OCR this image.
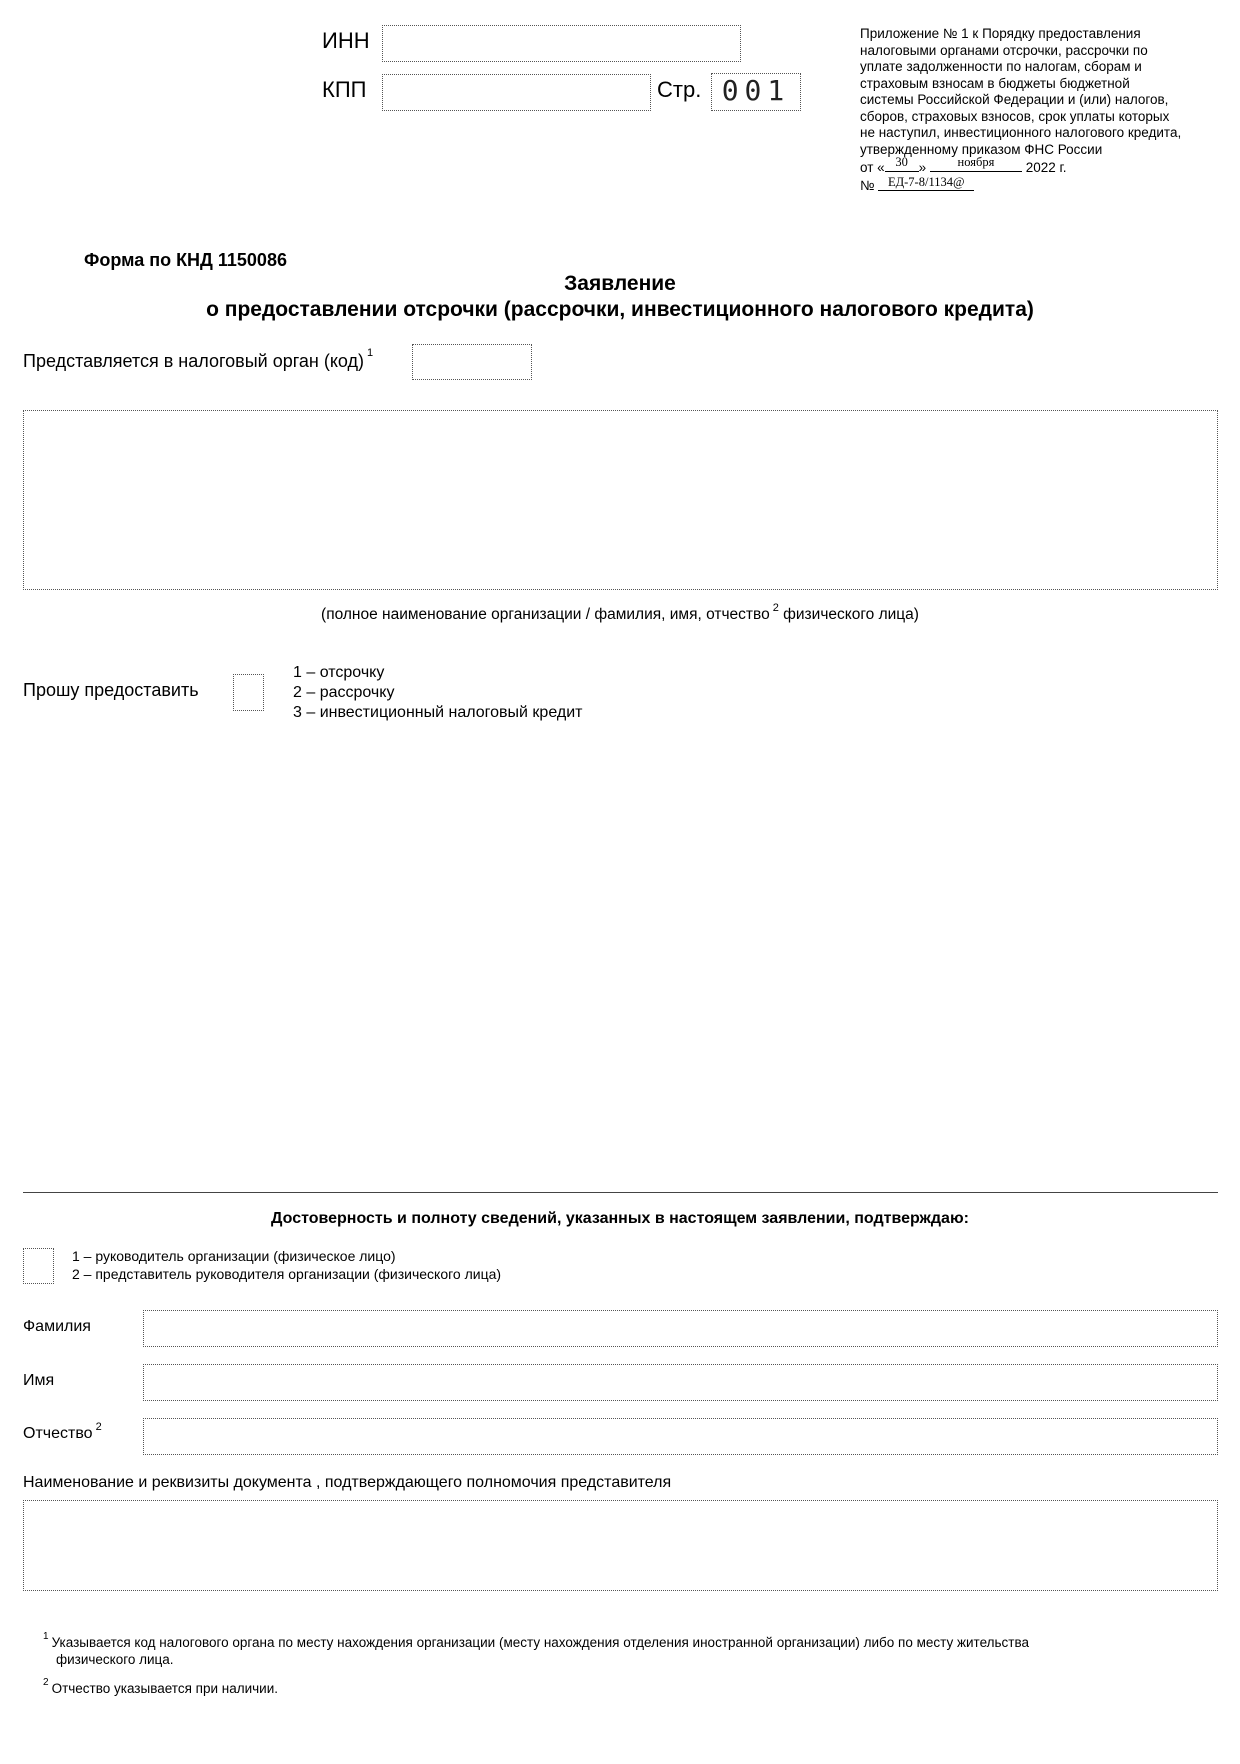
ИНН
КПП	Стр. 001
Приложение № 1 к Порядку предоставления
налоговыми органами отсрочки, рассрочки по
уплате задолженности по налогам, сборам и
страховым взносам в бюджеты бюджетной
системы Российской Федерации и (или) налогов,
сборов, страховых взносов, срок уплаты которых
не наступил, инвестиционного налогового кредита,
утвержденному приказом ФНС России
от « 30 »	ноября 2022 г.
№ ЕД-7-8/1134@
Форма по КНД 1150086
Заявление
о предоставлении отсрочки (рассрочки, инвестиционного налогового кредита)
Представляется в налоговый орган (код) $^1$
(полное наименование организации / фамилия, имя, отчество $^2$ физического лица)
Прошу предоставить
1 – отсрочку
2 – рассрочку
3 – инвестиционный налоговый кредит
Достоверность и полноту сведений, указанных в настоящем заявлении, подтверждаю:
1 – руководитель организации (физическое лицо)
2 – представитель руководителя организации (физического лица)
Фамилия
Имя
Отчество $^2$
Наименование и реквизиты документа , подтверждающего полномочия представителя
$^1$ Указывается код налогового органа по месту нахождения организации (месту нахождения отделения иностранной организации) либо по месту жительства
физического лица.
$^2$ Отчество указывается при наличии.
